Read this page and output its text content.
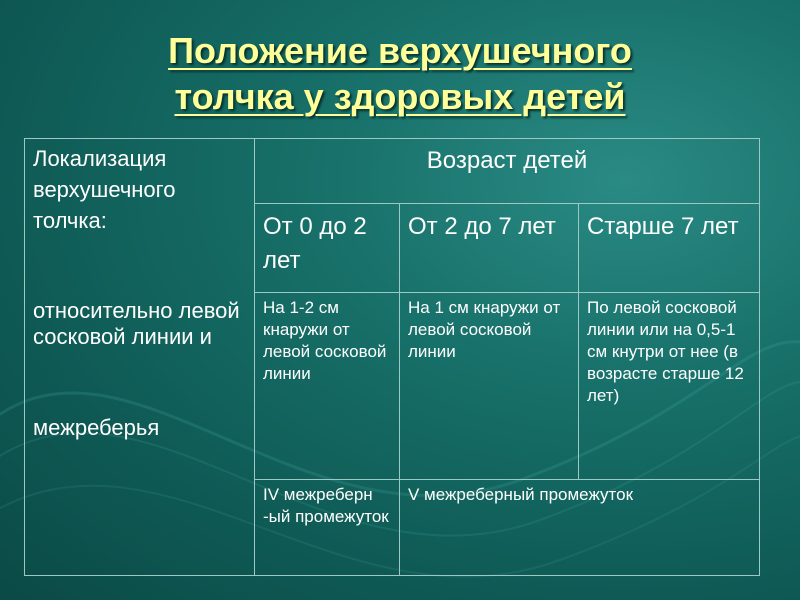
Положение верхушечного
толчка у здоровых детей
Локализация
верхушечного
толчка:
относительно левой сосковой линии и
межреберья	Возраст детей		
	От 0 до 2 лет	От 2 до 7 лет	Старше 7 лет
	На 1-2 см кнаружи от левой сосковой линии	На 1 см кнаружи от левой сосковой линии	По левой сосковой линии или на 0,5-1 см кнутри от нее (в возрасте старше 12 лет)
	IV межреберн -ый промежуток	V межреберный промежуток	
